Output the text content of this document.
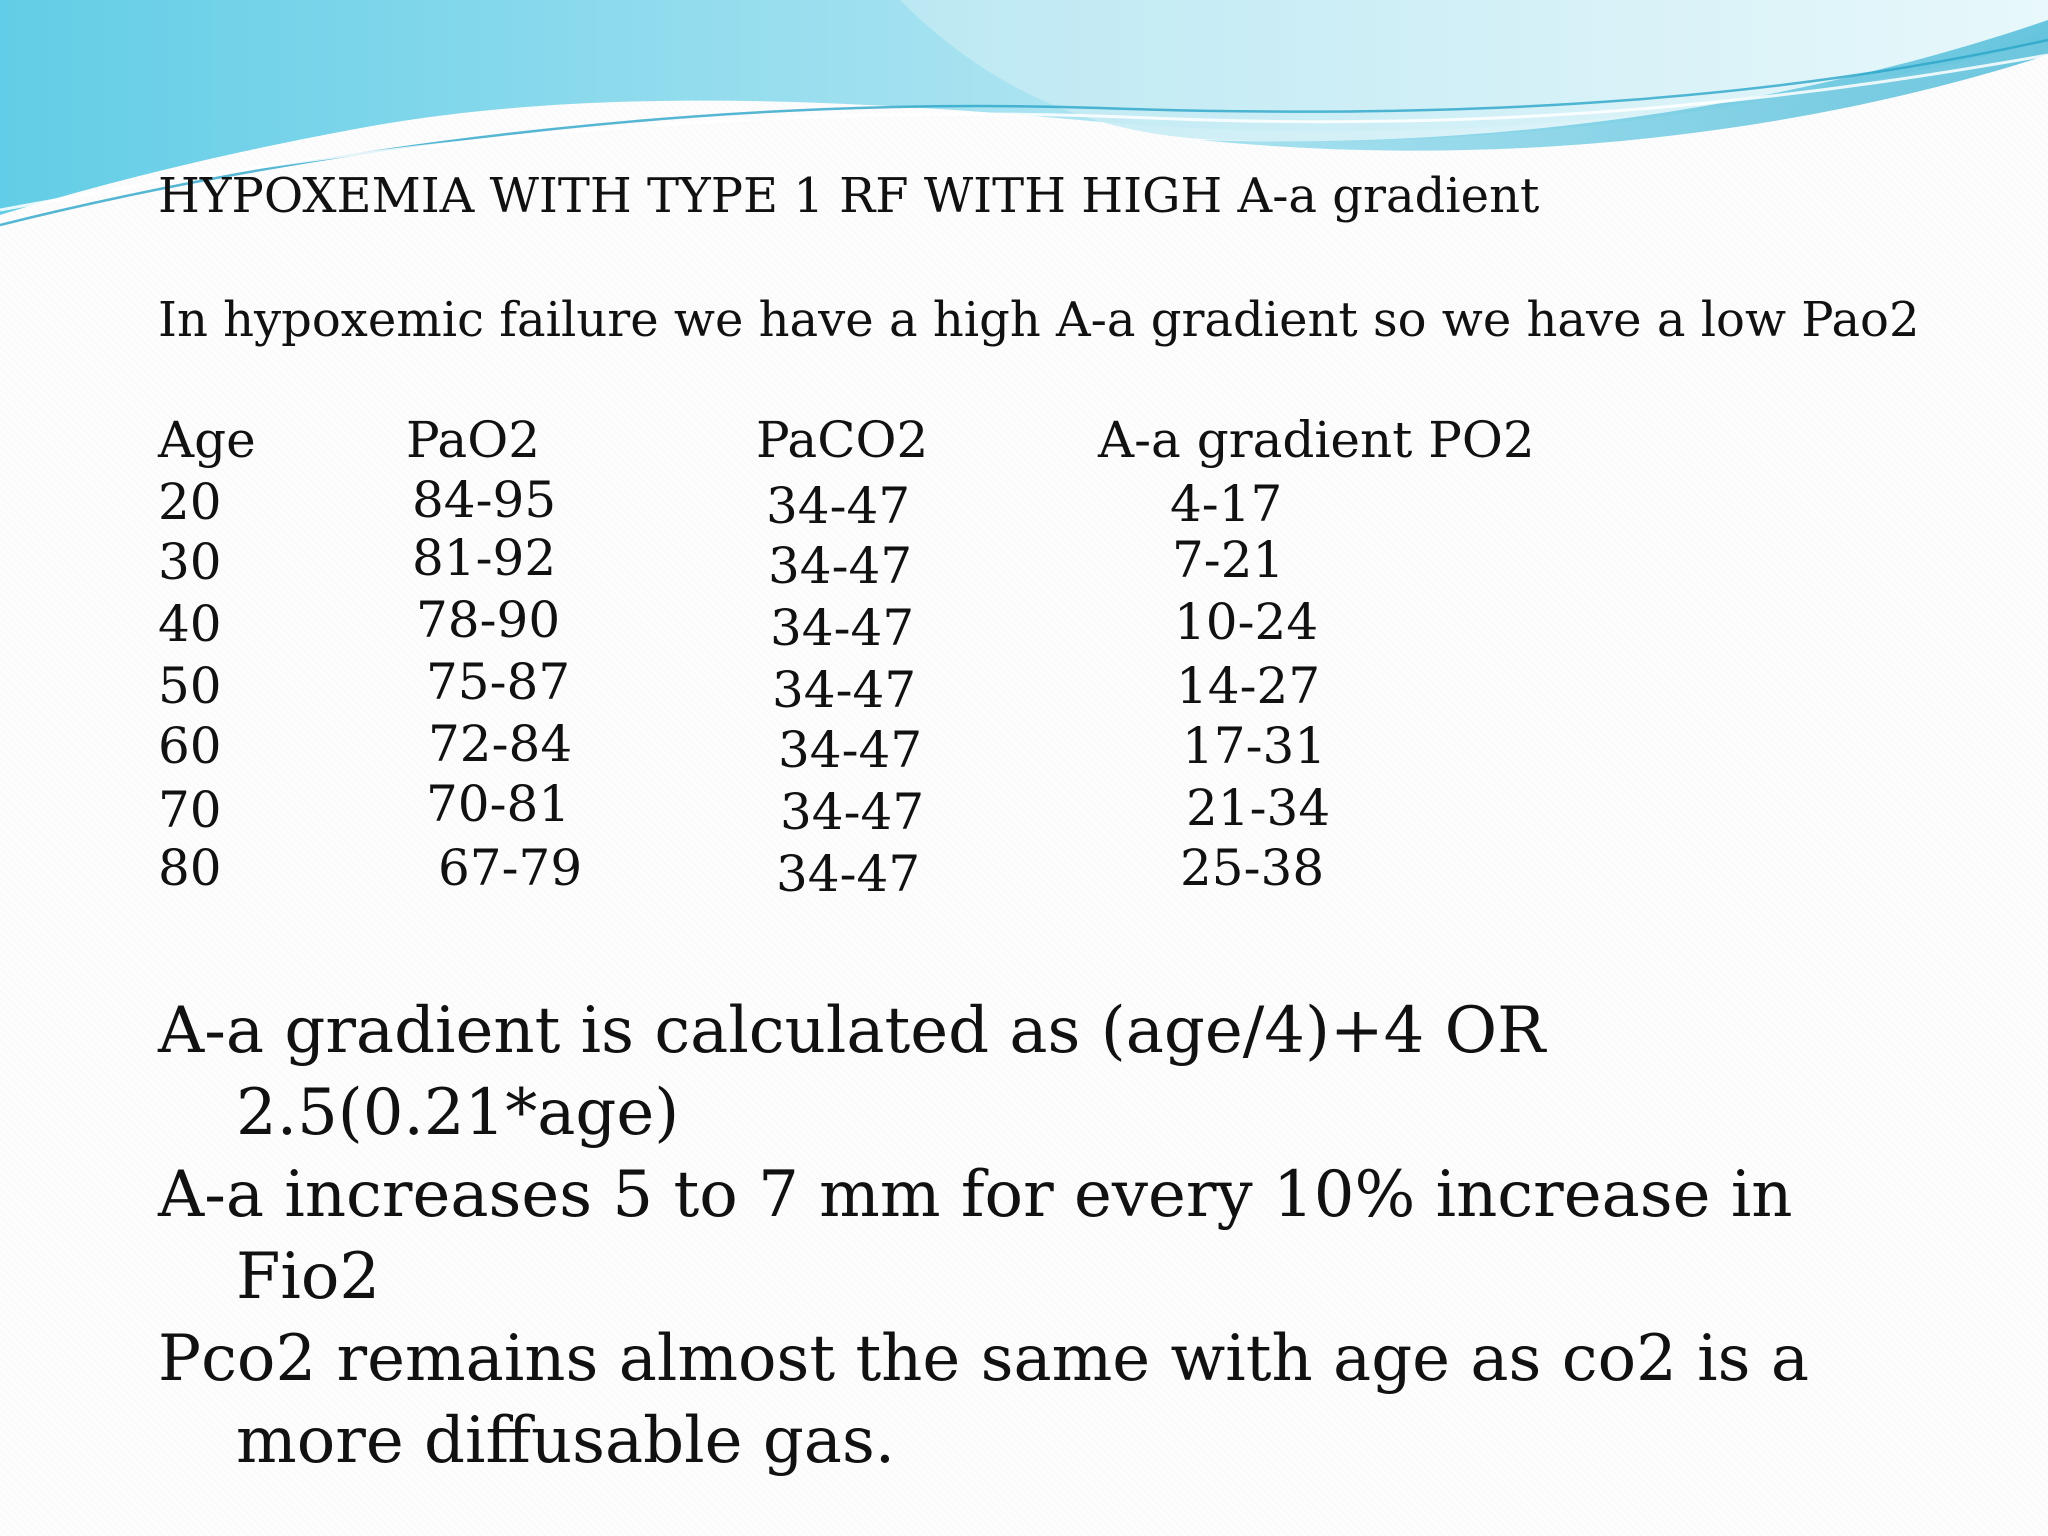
HYPOXEMIA WITH TYPE 1 RF WITH HIGH A-a gradient
In hypoxemic failure we have a high A-a gradient so we have a low Pao2
Age	PaO2	PaCO2	A-a gradient PO2
20	84-95	34-47	4-17
30	81-92	34-47	7-21
40	78-90	34-47	10-24
50	75-87	34-47	14-27
60	72-84	34-47	17-31
70	70-81	34-47	21-34
80	67-79	34-47	25-38

A-a gradient is calculated as (age/4)+4 OR 2.5(0.21*age)

A-a increases 5 to 7 mm for every 10% increase in Fio2

Pco2 remains almost the same with age as co2 is a more diffusable gas.
